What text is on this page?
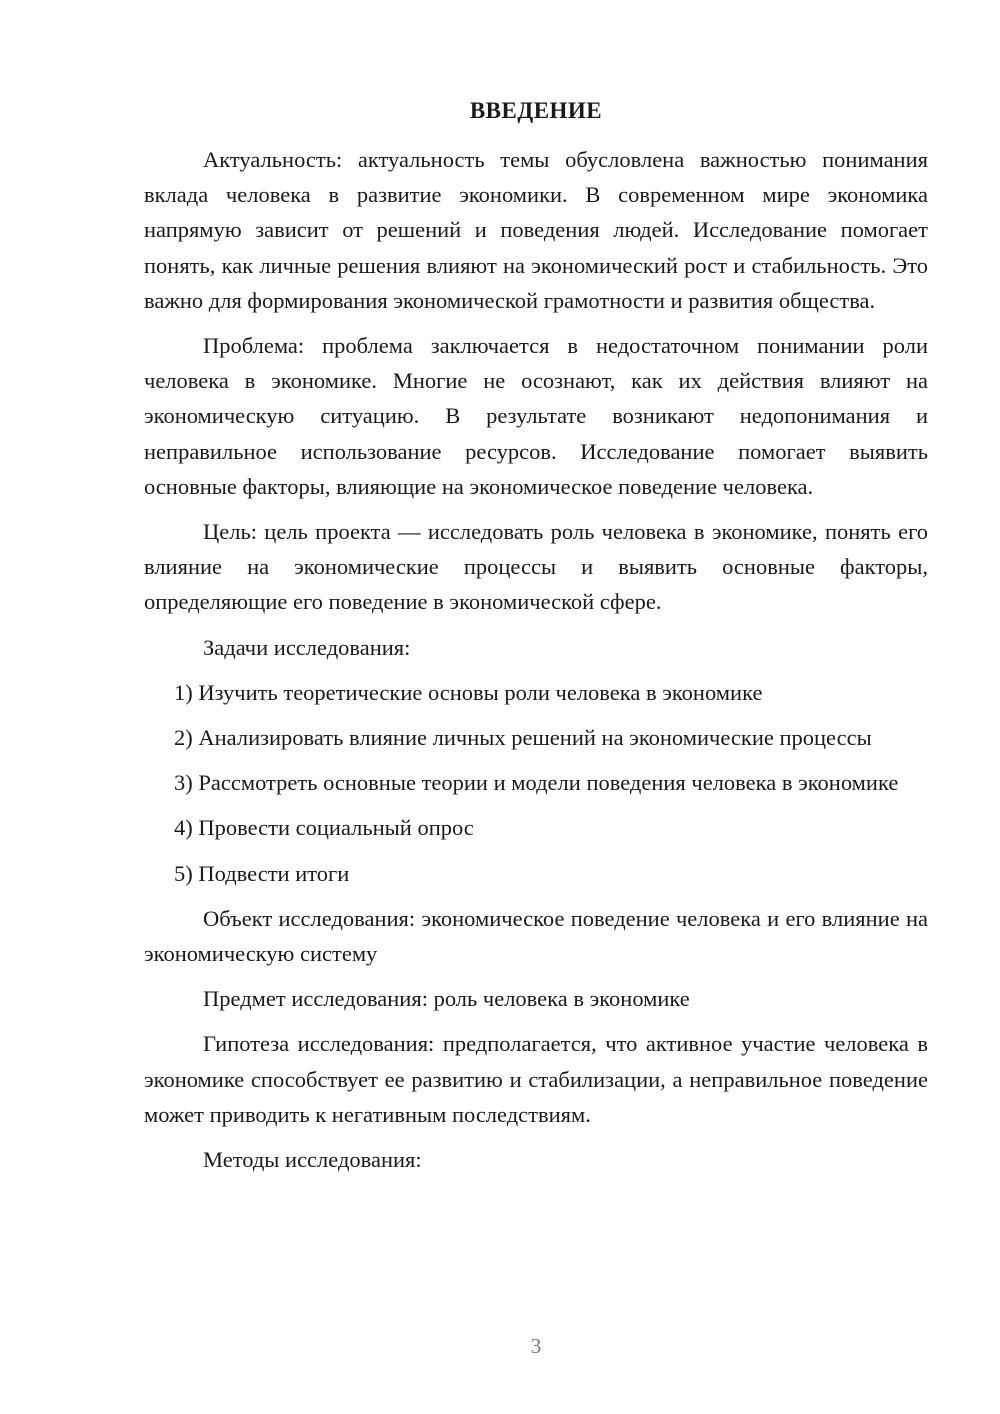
ВВЕДЕНИЕ

Актуальность: актуальность темы обусловлена важностью понимания вклада человека в развитие экономики. В современном мире экономика напрямую зависит от решений и поведения людей. Исследование помогает понять, как личные решения влияют на экономический рост и стабильность. Это важно для формирования экономической грамотности и развития общества.

Проблема: проблема заключается в недостаточном понимании роли человека в экономике. Многие не осознают, как их действия влияют на экономическую ситуацию. В результате возникают недопонимания и неправильное использование ресурсов. Исследование помогает выявить основные факторы, влияющие на экономическое поведение человека.

Цель: цель проекта — исследовать роль человека в экономике, понять его влияние на экономические процессы и выявить основные факторы, определяющие его поведение в экономической сфере.

Задачи исследования:

1) Изучить теоретические основы роли человека в экономике

2) Анализировать влияние личных решений на экономические процессы

3) Рассмотреть основные теории и модели поведения человека в экономике

4) Провести социальный опрос

5) Подвести итоги

Объект исследования: экономическое поведение человека и его влияние на экономическую систему

Предмет исследования: роль человека в экономике

Гипотеза исследования: предполагается, что активное участие человека в экономике способствует ее развитию и стабилизации, а неправильное поведение может приводить к негативным последствиям.

Методы исследования:

3
